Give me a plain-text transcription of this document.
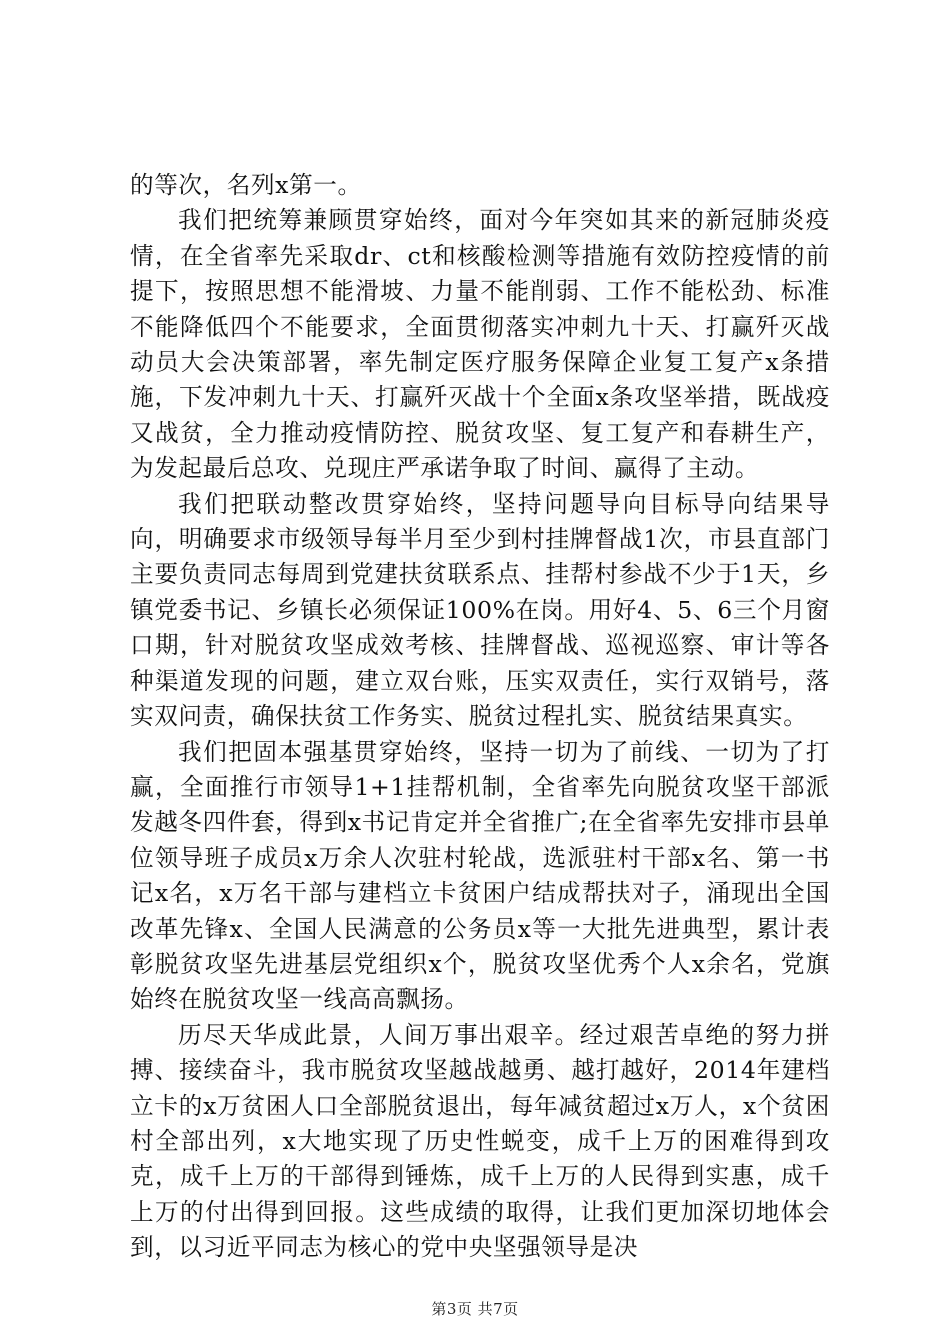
的等次，名列x第一。

我们把统筹兼顾贯穿始终，面对今年突如其来的新冠肺炎疫情，在全省率先采取dr、ct和核酸检测等措施有效防控疫情的前提下，按照思想不能滑坡、力量不能削弱、工作不能松劲、标准不能降低四个不能要求，全面贯彻落实冲刺九十天、打赢歼灭战动员大会决策部署，率先制定医疗服务保障企业复工复产x条措施，下发冲刺九十天、打赢歼灭战十个全面x条攻坚举措，既战疫又战贫，全力推动疫情防控、脱贫攻坚、复工复产和春耕生产，为发起最后总攻、兑现庄严承诺争取了时间、赢得了主动。

我们把联动整改贯穿始终，坚持问题导向目标导向结果导向，明确要求市级领导每半月至少到村挂牌督战1次，市县直部门主要负责同志每周到党建扶贫联系点、挂帮村参战不少于1天，乡镇党委书记、乡镇长必须保证100%在岗。用好4、5、6三个月窗口期，针对脱贫攻坚成效考核、挂牌督战、巡视巡察、审计等各种渠道发现的问题，建立双台账，压实双责任，实行双销号，落实双问责，确保扶贫工作务实、脱贫过程扎实、脱贫结果真实。

我们把固本强基贯穿始终，坚持一切为了前线、一切为了打赢，全面推行市领导1+1挂帮机制，全省率先向脱贫攻坚干部派发越冬四件套，得到x书记肯定并全省推广;在全省率先安排市县单位领导班子成员x万余人次驻村轮战，选派驻村干部x名、第一书记x名，x万名干部与建档立卡贫困户结成帮扶对子，涌现出全国改革先锋x、全国人民满意的公务员x等一大批先进典型，累计表彰脱贫攻坚先进基层党组织x个，脱贫攻坚优秀个人x余名，党旗始终在脱贫攻坚一线高高飘扬。

历尽天华成此景，人间万事出艰辛。经过艰苦卓绝的努力拼搏、接续奋斗，我市脱贫攻坚越战越勇、越打越好，2014年建档立卡的x万贫困人口全部脱贫退出，每年减贫超过x万人，x个贫困村全部出列，x大地实现了历史性蜕变，成千上万的困难得到攻克，成千上万的干部得到锤炼，成千上万的人民得到实惠，成千上万的付出得到回报。这些成绩的取得，让我们更加深切地体会到，以习近平同志为核心的党中央坚强领导是决

第3页 共7页
